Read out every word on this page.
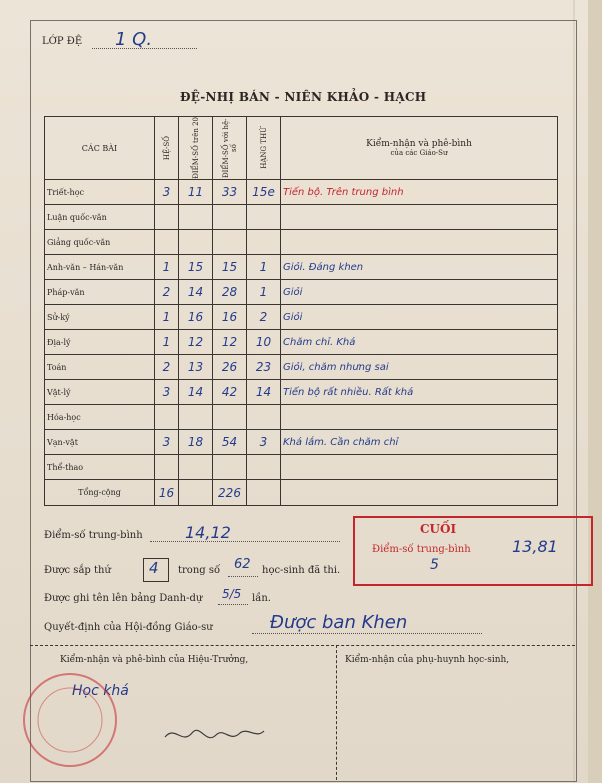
LỚP ĐỆ 1 Q.
ĐỆ-NHỊ BÁN - NIÊN KHẢO - HẠCH
CÁC BÀI	HỆ-SỐ	ĐIỂM-SỐ trên 20	ĐIỂM-SỐ với hệ-số	HẠNG THỨ	Kiểm-nhận và phê-bình
của các Giáo-Sư

Triết-học	3	11	33	15e	Tiến bộ. Trên trung bình
Luận quốc-văn					
Giảng quốc-văn					
Anh-văn – Hán-văn	1	15	15	1	Giỏi. Đáng khen
Pháp-văn	2	14	28	1	Giỏi
Sử-ký	1	16	16	2	Giỏi
Địa-lý	1	12	12	10	Chăm chỉ. Khá
Toán	2	13	26	23	Giỏi, chăm nhưng sai
Vật-lý	3	14	42	14	Tiến bộ rất nhiều. Rất khá
Hóa-học					
Vạn-vật	3	18	54	3	Khá lắm. Cần chăm chỉ
Thể-thao					
Tổng-cộng	16		226		
Điểm-số trung-bình	14,12
Được sắp thứ	4 trong số 62 học-sinh đã thi.
Được ghi tên lên bảng Danh-dự 5/5 lần.
Quyết-định của Hội-đồng Giáo-sư	Được ban Khen
CUỐI
Điểm-số trung-bình	13,81
5
Kiểm-nhận và phê-bình của Hiệu-Trưởng,	Kiểm-nhận của phụ-huynh học-sinh,
Học khá
